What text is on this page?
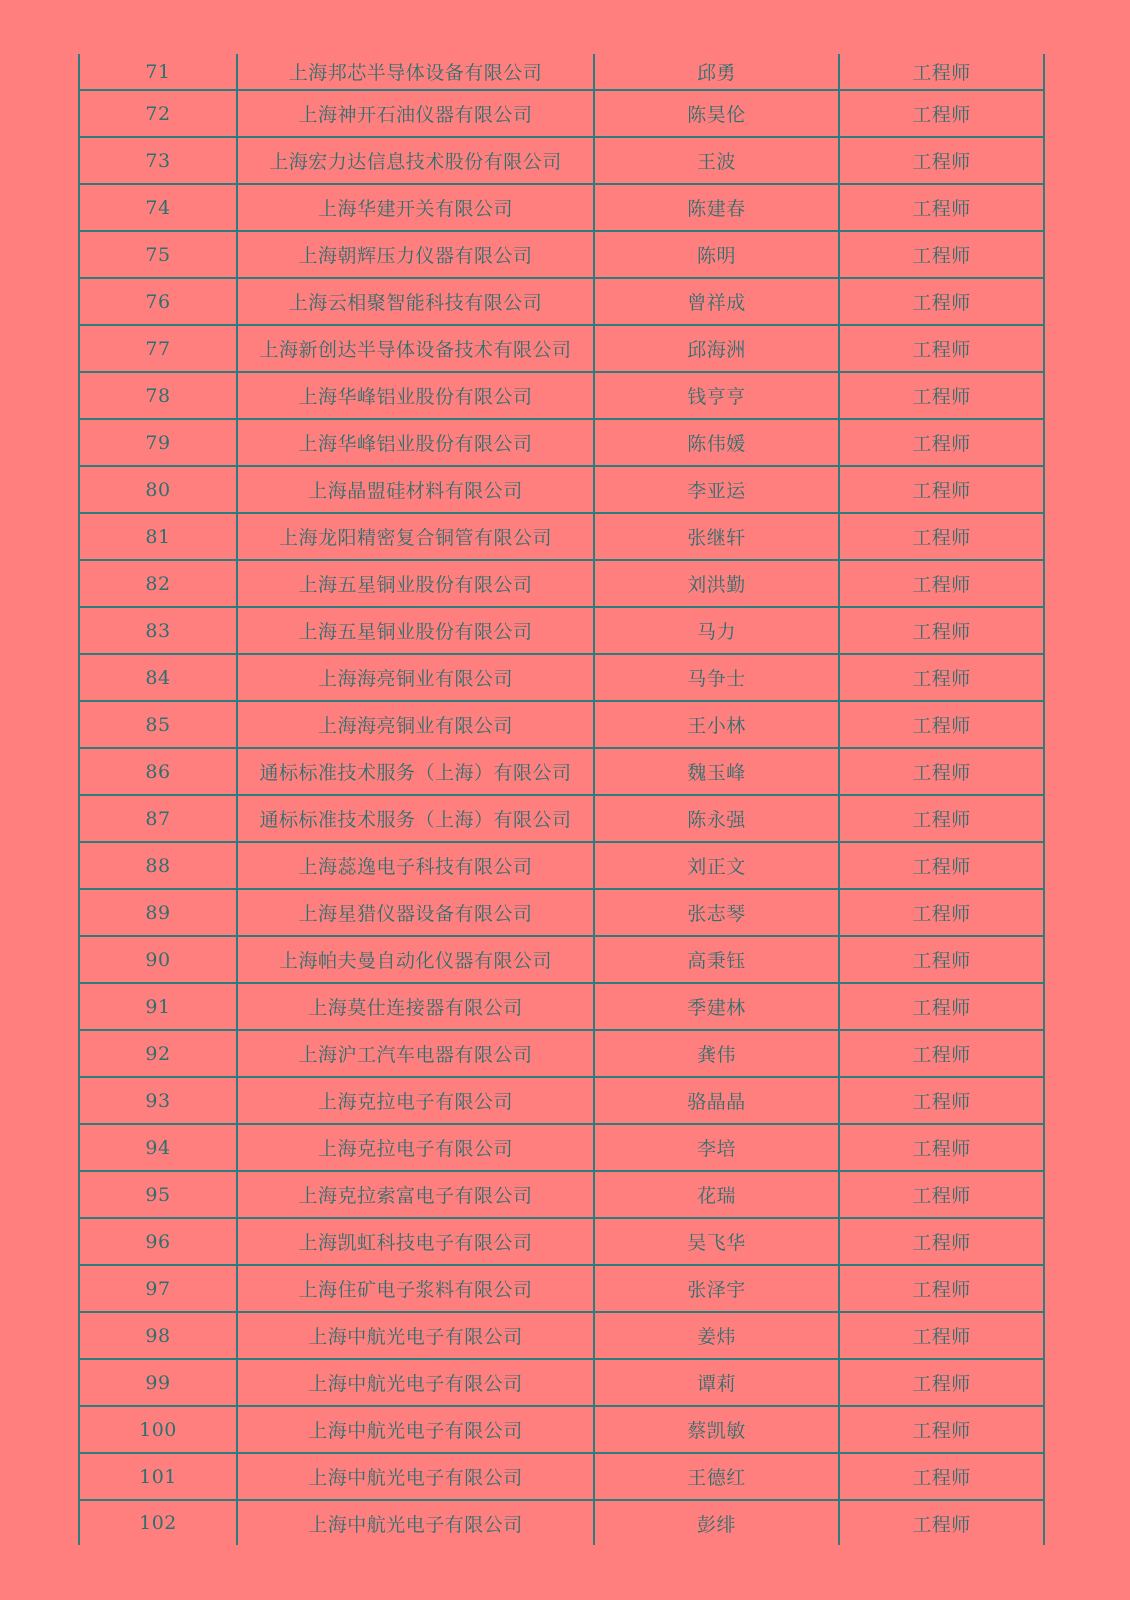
71	上海邦芯半导体设备有限公司	邱勇	工程师
72	上海神开石油仪器有限公司	陈昊伦	工程师
73	上海宏力达信息技术股份有限公司	王波	工程师
74	上海华建开关有限公司	陈建春	工程师
75	上海朝辉压力仪器有限公司	陈明	工程师
76	上海云相聚智能科技有限公司	曾祥成	工程师
77	上海新创达半导体设备技术有限公司	邱海洲	工程师
78	上海华峰铝业股份有限公司	钱亨亨	工程师
79	上海华峰铝业股份有限公司	陈伟媛	工程师
80	上海晶盟硅材料有限公司	李亚运	工程师
81	上海龙阳精密复合铜管有限公司	张继轩	工程师
82	上海五星铜业股份有限公司	刘洪勤	工程师
83	上海五星铜业股份有限公司	马力	工程师
84	上海海亮铜业有限公司	马争士	工程师
85	上海海亮铜业有限公司	王小林	工程师
86	通标标准技术服务（上海）有限公司	魏玉峰	工程师
87	通标标准技术服务（上海）有限公司	陈永强	工程师
88	上海蕊逸电子科技有限公司	刘正文	工程师
89	上海星猎仪器设备有限公司	张志琴	工程师
90	上海帕夫曼自动化仪器有限公司	高秉钰	工程师
91	上海莫仕连接器有限公司	季建林	工程师
92	上海沪工汽车电器有限公司	龚伟	工程师
93	上海克拉电子有限公司	骆晶晶	工程师
94	上海克拉电子有限公司	李培	工程师
95	上海克拉索富电子有限公司	花瑞	工程师
96	上海凯虹科技电子有限公司	吴飞华	工程师
97	上海住矿电子浆料有限公司	张泽宇	工程师
98	上海中航光电子有限公司	姜炜	工程师
99	上海中航光电子有限公司	谭莉	工程师
100	上海中航光电子有限公司	蔡凯敏	工程师
101	上海中航光电子有限公司	王德红	工程师
102	上海中航光电子有限公司	彭绯	工程师
